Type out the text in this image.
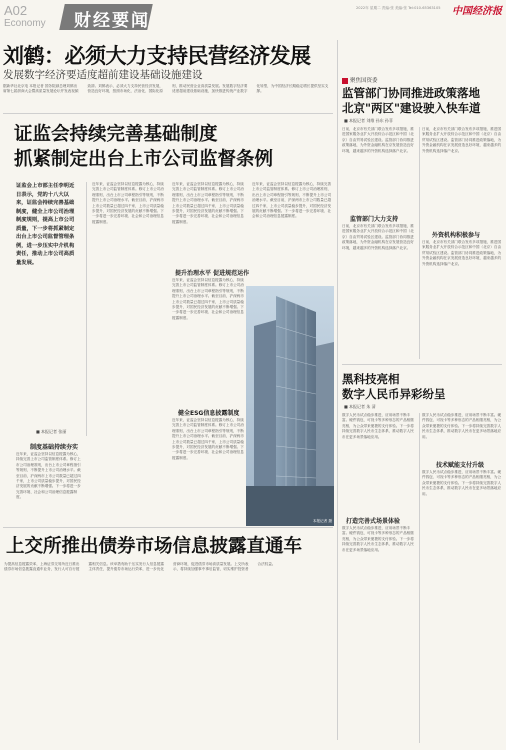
A02
Economy 财经要闻
2022年 星期二 责编:张 美编:张 Tel:010-65363105 中国经济报
刘鹤：必须大力支持民营经济发展
发展数字经济要适度超前建设基础设施建设
据新华社北京电 本报记者 国务院副总理刘鹤出席第七届浙商大会暨高质量发展论坛并发表视频致辞。刘鹤表示，必须大力支持民营经济发展，营造良好环境，按照市场化、法治化、国际化原则，推动民营企业高质量发展。发展数字经济要适度超前建设基础设施，加快推进传统产业数字化转型，为中国经济长期稳定增长提供坚实支撑。
证监会持续完善基础制度
抓紧制定出台上市公司监督条例
证监会上市部主任李明近日表示，党的十八大以来，证监会持续完善基础制度，健全上市公司治理制度规则，提高上市公司质量，下一步将抓紧制定出台上市公司监督管理条例，进一步压实中介机构责任，推动上市公司高质量发展。
■ 本报记者 张丽
制度基础持续夯实
近年来，证监会坚持以信息披露为核心，持续完善上市公司监管制度体系。修订上市公司治理准则，出台上市公司章程指引等规则，不断提升上市公司治理水平。截至目前，沪深两市上市公司数量已超过四千家，上市公司质量稳步提升，对国民经济发展的贡献不断增强。下一步将进一步完善环境、社会和公司治理信息披露制度。
近年来，证监会坚持以信息披露为核心，持续完善上市公司监管制度体系。修订上市公司治理准则，出台上市公司章程指引等规则，不断提升上市公司治理水平。截至目前，沪深两市上市公司数量已超过四千家，上市公司质量稳步提升，对国民经济发展的贡献不断增强。下一步将进一步完善环境、社会和公司治理信息披露制度。
近年来，证监会坚持以信息披露为核心，持续完善上市公司监管制度体系。修订上市公司治理准则，出台上市公司章程指引等规则，不断提升上市公司治理水平。截至目前，沪深两市上市公司数量已超过四千家，上市公司质量稳步提升，对国民经济发展的贡献不断增强。下一步将进一步完善环境、社会和公司治理信息披露制度。
提升治理水平 促进规范运作
近年来，证监会坚持以信息披露为核心，持续完善上市公司监管制度体系。修订上市公司治理准则，出台上市公司章程指引等规则，不断提升上市公司治理水平。截至目前，沪深两市上市公司数量已超过四千家，上市公司质量稳步提升，对国民经济发展的贡献不断增强。下一步将进一步完善环境、社会和公司治理信息披露制度。
健全ESG信息披露制度
近年来，证监会坚持以信息披露为核心，持续完善上市公司监管制度体系。修订上市公司治理准则，出台上市公司章程指引等规则，不断提升上市公司治理水平。截至目前，沪深两市上市公司数量已超过四千家，上市公司质量稳步提升，对国民经济发展的贡献不断增强。下一步将进一步完善环境、社会和公司治理信息披露制度。
近年来，证监会坚持以信息披露为核心，持续完善上市公司监管制度体系。修订上市公司治理准则，出台上市公司章程指引等规则，不断提升上市公司治理水平。截至目前，沪深两市上市公司数量已超过四千家，上市公司质量稳步提升，对国民经济发展的贡献不断增强。下一步将进一步完善环境、社会和公司治理信息披露制度。
聚焦国资委
监管部门协同推进政策落地
北京"两区"建设驶入快车道
■ 本报记者 刘维 孙东 孙菲
日前，北京市有关部门联合发布多项措施，推进国家服务业扩大开放综合示范区和中国（北京）自由贸易试验区建设。监管部门协同推进政策落地，为外资金融机构在京发展营造良好环境，越来越多的外资机构选择落户北京。
监管部门大力支持
日前，北京市有关部门联合发布多项措施，推进国家服务业扩大开放综合示范区和中国（北京）自由贸易试验区建设。监管部门协同推进政策落地，为外资金融机构在京发展营造良好环境，越来越多的外资机构选择落户北京。
日前，北京市有关部门联合发布多项措施，推进国家服务业扩大开放综合示范区和中国（北京）自由贸易试验区建设。监管部门协同推进政策落地，为外资金融机构在京发展营造良好环境，越来越多的外资机构选择落户北京。
外资机构积极参与
日前，北京市有关部门联合发布多项措施，推进国家服务业扩大开放综合示范区和中国（北京）自由贸易试验区建设。监管部门协同推进政策落地，为外资金融机构在京发展营造良好环境，越来越多的外资机构选择落户北京。
黑科技亮相
数字人民币异彩纷呈
■ 本报记者 朱 清
数字人民币试点稳步推进，应用场景不断丰富。硬件钱包、可视卡等多种形态的产品相继亮相，为公众带来便捷的支付体验。下一步将持续完善数字人民币生态体系，推动数字人民币在更多场景落地应用。
打造完善式场景体验
数字人民币试点稳步推进，应用场景不断丰富。硬件钱包、可视卡等多种形态的产品相继亮相，为公众带来便捷的支付体验。下一步将持续完善数字人民币生态体系，推动数字人民币在更多场景落地应用。
数字人民币试点稳步推进，应用场景不断丰富。硬件钱包、可视卡等多种形态的产品相继亮相，为公众带来便捷的支付体验。下一步将持续完善数字人民币生态体系，推动数字人民币在更多场景落地应用。
技术赋能支付升级
数字人民币试点稳步推进，应用场景不断丰富。硬件钱包、可视卡等多种形态的产品相继亮相，为公众带来便捷的支付体验。下一步将持续完善数字人民币生态体系，推动数字人民币在更多场景落地应用。
本报记者 摄
上交所推出债券市场信息披露直通车
为提高信息披露效率，上海证券交易所近日推出债券市场信息披露直通车业务，发行人可自行披露相关信息。该举措有助于压实发行人信息披露主体责任，提升债券市场运行效率，进一步优化营商环境，促进债券市场高质量发展。上交所表示，将持续加强事中事后监管，切实维护投资者合法权益。
